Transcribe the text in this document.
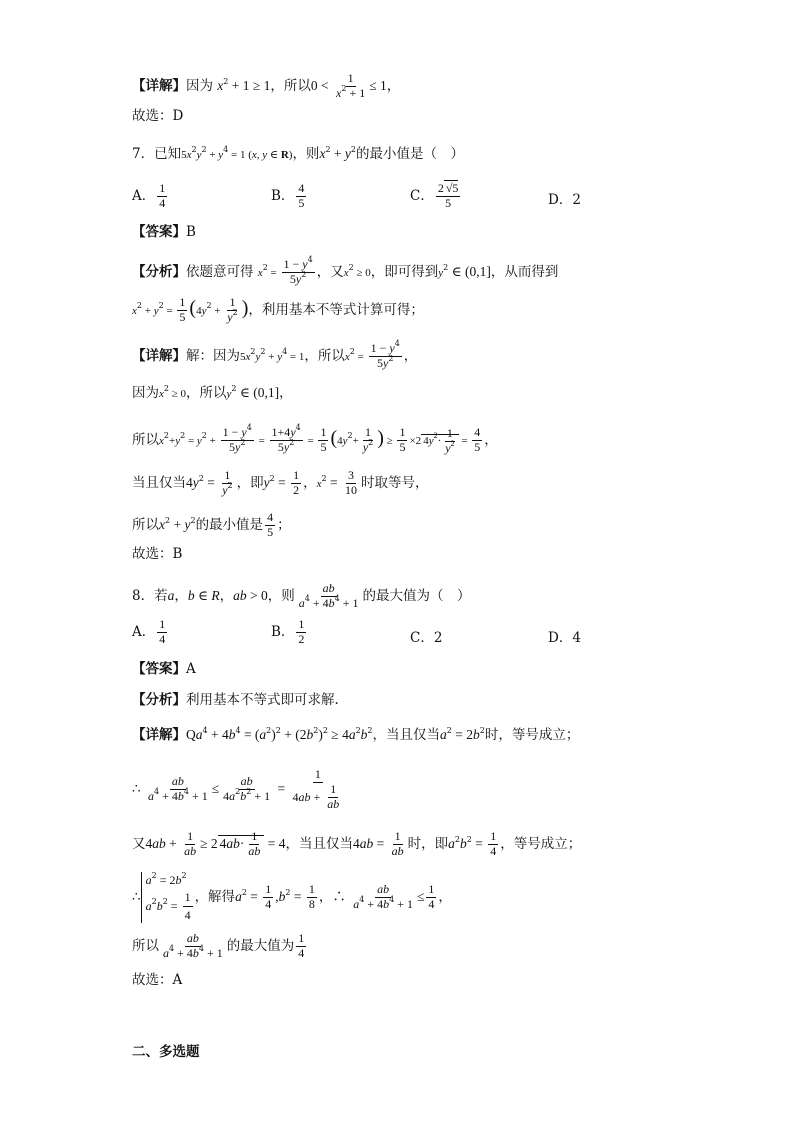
【详解】因为 $x^2 + 1 \ge 1$，所以$0 < \frac{1}{x^2 + 1} \le 1$，
故选：D
7．已知$5x^2y^2 + y^4 = 1$ (x, y ∈ R)，则$x^2 + y^2$的最小值是（　）
A． $\frac{1}{4}$	B． $\frac{4}{5}$	C． $\frac{2 √5}{5}$	D．2
【答案】B
【分析】依题意可得 $x^2 = \frac{1 - y^4}{5y^2}$ ，又$x^2 \ge 0$，即可得到$y^2$ ∈ (0,1]，从而得到
$x^2 + y^2 = \frac{1}{5} (4y^2 + \frac{1}{y^2}$ )，利用基本不等式计算可得；
【详解】解：因为$5x^2y^2 + y^4 = 1$，所以$x^2 = \frac{1 - y^4}{5y^2}$ ，
因为$x^2 \ge 0$，所以$y^2$ ∈ (0,1]，
所以$x^2+y^2 = y^2 + \frac{1 - y^4}{5y^2} = \frac{1+4y^4}{5y^2} = \frac{1}{5} (4y^2+ \frac{1}{y^2}$ ) ≥ $\frac{1}{5} \times 2$ $4y^2\cdot \frac{1}{y^2} = \frac{4}{5}$ ，
当且仅当$4y^2 = \frac{1}{y^2}$ ，即$y^2 = \frac{1}{2}$ ，$x^2 = \frac{3}{10}$ 时取等号，
所以$x^2 + y^2$的最小值是 $\frac{4}{5}$ ；
故选：B
8．若a，b ∈ R，ab > 0，则 $\frac{ab}{a^4 + 4b^4 + 1}$ 的最大值为（　）
A． $\frac{1}{4}$	B． $\frac{1}{2}$	C．2	D．4
【答案】A
【分析】利用基本不等式即可求解.
【详解】$Qa^4 + 4b^4 = (a^2)^2 + (2b^2)^2 \ge 4a^2b^2$，当且仅当$a^2 = 2b^2$时，等号成立；
∴ $\frac{ab}{a^4 + 4b^4 + 1} \le \frac{ab}{4a^2b^2 + 1} = \frac{1}{4ab + \frac{1}{ab}}$
又$4ab + \frac{1}{ab} \ge 2$ $4ab\cdot \frac{1}{ab} = 4$，当且仅当$4ab = \frac{1}{ab}$ 时，即$a^2b^2 = \frac{1}{4}$ ，等号成立；
∴
$a^2 = 2b^2$
$a^2b^2 = \frac{1}{4}$ ，解得$a^2 = \frac{1}{4} ,b^2 = \frac{1}{8}$ ，∴ $\frac{ab}{a^4 + 4b^4 + 1} \le \frac{1}{4}$ ，
所以 $\frac{ab}{a^4 + 4b^4 + 1}$ 的最大值为 $\frac{1}{4}$
故选：A
二、多选题
